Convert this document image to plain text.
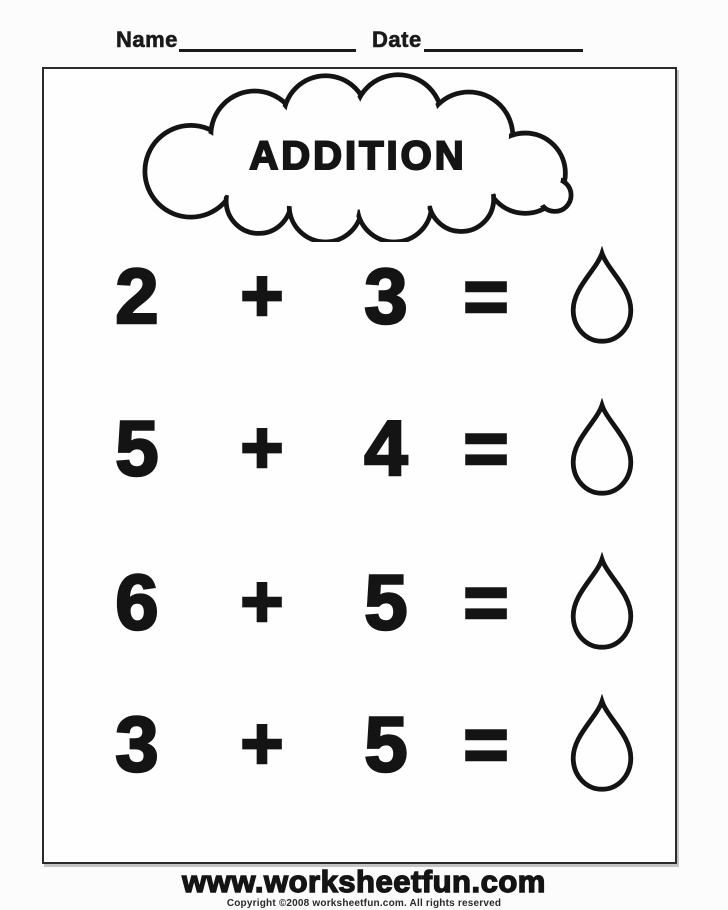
Name	Date
ADDITION
2 + 3 =
5 + 4 =
6 + 5 =
3 + 5 =
www.worksheetfun.com
Copyright ©2008 worksheetfun.com. All rights reserved
